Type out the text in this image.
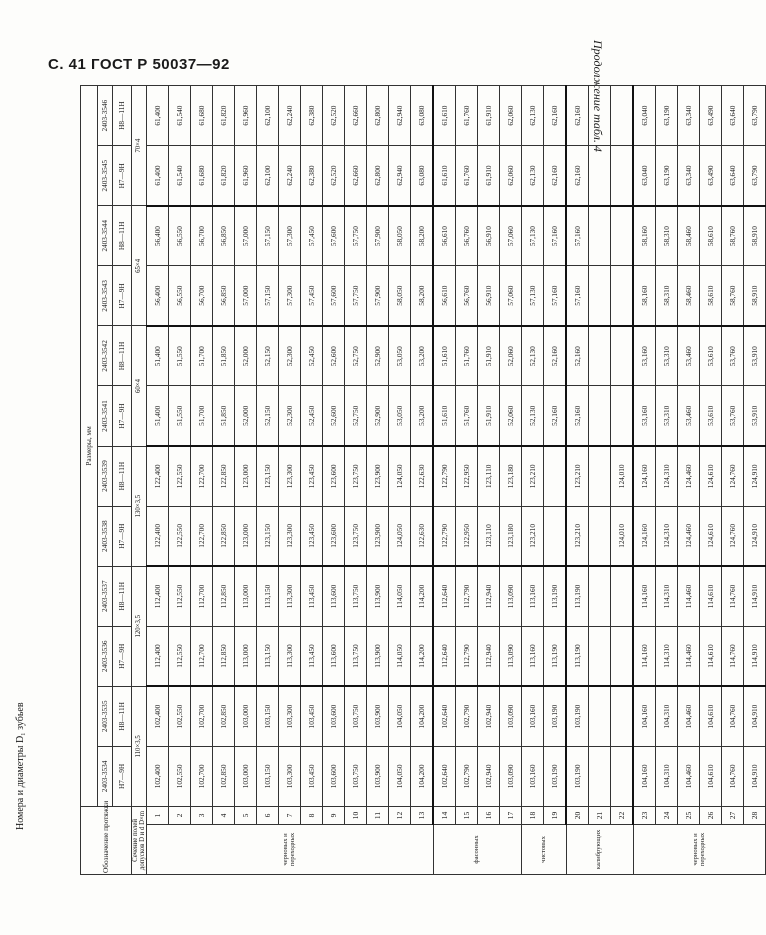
С. 41 ГОСТ Р 50037—92	Продолжение табл. 4
Номера и диаметры D₁ зубьев
Обозначение протяжки		Размеры, мм											
		2403-3534	2403-3535	2403-3536	2403-3537	2403-3538	2403-3539	2403-3541	2403-3542	2403-3543	2403-3544	2403-3545	2403-3546
		H7—9H	H8—11H	H7—9H	H8—11H	H7—9H	H8—11H	H7—9H	H8—11H	H7—9H	H8—11H	H7—9H	H8—11H
Сечение полей допусков D и d D×m		110×3,5		120×3,5		130×3,5		60×4		65×4		70×4	
черновых и переходных	1	102,400	102,400	112,400	112,400	122,400	122,400	51,400	51,400	56,400	56,400	61,400	61,400
	2	102,550	102,550	112,550	112,550	122,550	122,550	51,550	51,550	56,550	56,550	61,540	61,540
	3	102,700	102,700	112,700	112,700	122,700	122,700	51,700	51,700	56,700	56,700	61,680	61,680
	4	102,850	102,850	112,850	112,850	122,850	122,850	51,850	51,850	56,850	56,850	61,820	61,820
	5	103,000	103,000	113,000	113,000	123,000	123,000	52,000	52,000	57,000	57,000	61,960	61,960
	6	103,150	103,150	113,150	113,150	123,150	123,150	52,150	52,150	57,150	57,150	62,100	62,100
	7	103,300	103,300	113,300	113,300	123,300	123,300	52,300	52,300	57,300	57,300	62,240	62,240
	8	103,450	103,450	113,450	113,450	123,450	123,450	52,450	52,450	57,450	57,450	62,380	62,380
	9	103,600	103,600	113,600	113,600	123,600	123,600	52,600	52,600	57,600	57,600	62,520	62,520
	10	103,750	103,750	113,750	113,750	123,750	123,750	52,750	52,750	57,750	57,750	62,660	62,660
	11	103,900	103,900	113,900	113,900	123,900	123,900	52,900	52,900	57,900	57,900	62,800	62,800
	12	104,050	104,050	114,050	114,050	124,050	124,050	53,050	53,050	58,050	58,050	62,940	62,940
	13	104,200	104,200	114,200	114,200	122,630	122,630	53,200	53,200	58,200	58,200	63,080	63,080
фасонных	14	102,640	102,640	112,640	112,640	122,790	122,790	51,610	51,610	56,610	56,610	61,610	61,610
	15	102,790	102,790	112,790	112,790	122,950	122,950	51,760	51,760	56,760	56,760	61,760	61,760
	16	102,940	102,940	112,940	112,940	123,110	123,110	51,910	51,910	56,910	56,910	61,910	61,910
	17	103,090	103,090	113,090	113,090	123,180	123,180	52,060	52,060	57,060	57,060	62,060	62,060
чистовых	18	103,160	103,160	113,160	113,160	123,210	123,210	52,130	52,130	57,130	57,130	62,130	62,130
	19	103,190	103,190	113,190	113,190			52,160	52,160	57,160	57,160	62,160	62,160
калибрующих	20	103,190	103,190	113,190	113,190	123,210	123,210	52,160	52,160	57,160	57,160	62,160	62,160
	21												
	22					124,010	124,010						
черновых и переходных	23	104,160	104,160	114,160	114,160	124,160	124,160	53,160	53,160	58,160	58,160	63,040	63,040
	24	104,310	104,310	114,310	114,310	124,310	124,310	53,310	53,310	58,310	58,310	63,190	63,190
	25	104,460	104,460	114,460	114,460	124,460	124,460	53,460	53,460	58,460	58,460	63,340	63,340
	26	104,610	104,610	114,610	114,610	124,610	124,610	53,610	53,610	58,610	58,610	63,490	63,490
	27	104,760	104,760	114,760	114,760	124,760	124,760	53,760	53,760	58,760	58,760	63,640	63,640
	28	104,910	104,910	114,910	114,910	124,910	124,910	53,910	53,910	58,910	58,910	63,790	63,790
